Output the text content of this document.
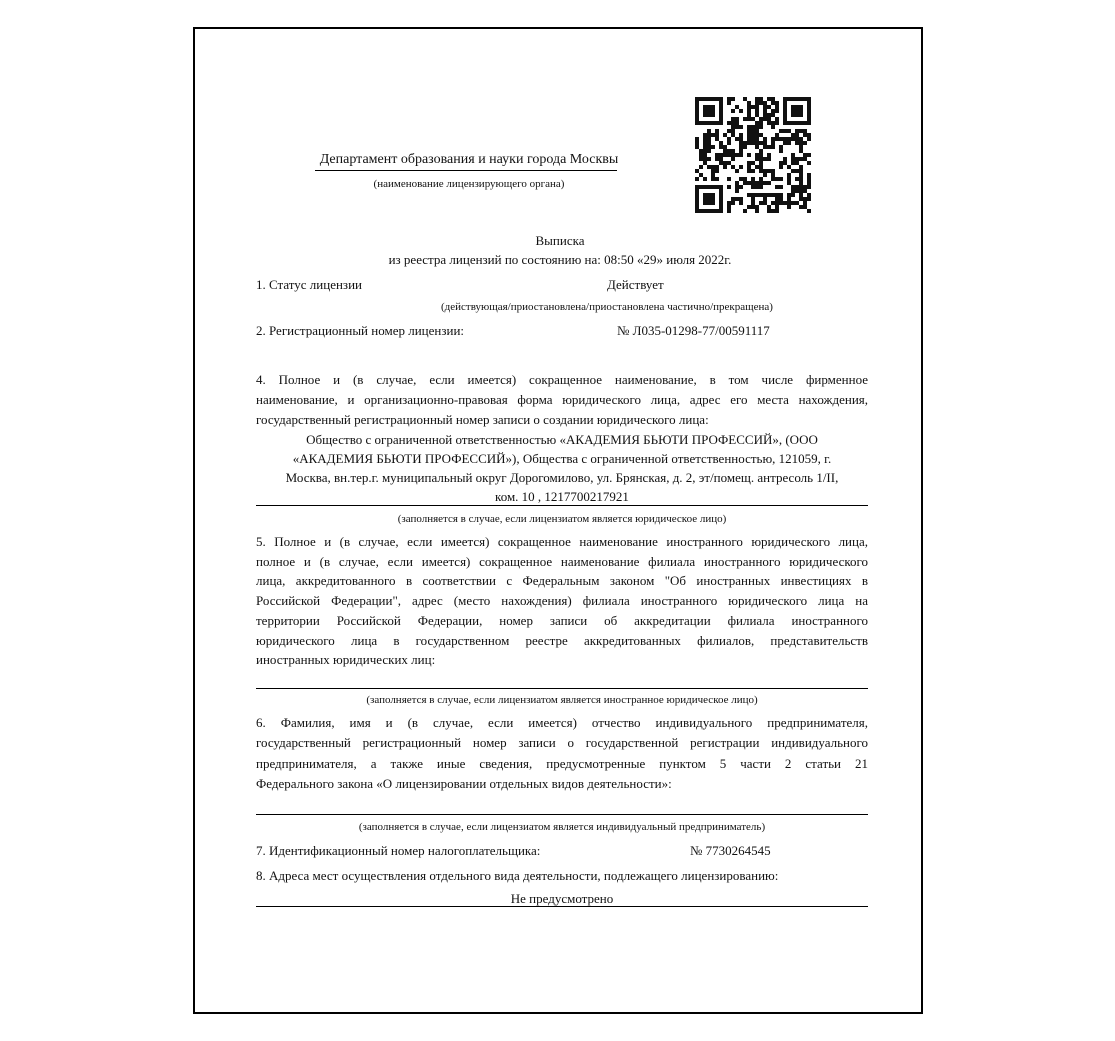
Департамент образования и науки города Москвы
(наименование лицензирующего органа)
Выписка
из реестра лицензий по состоянию на: 08:50 «29» июля 2022г.
1. Статус лицензии	Действует
(действующая/приостановлена/приостановлена частично/прекращена)
2. Регистрационный номер лицензии:	№ Л035-01298-77/00591117
4. Полное и (в случае, если имеется) сокращенное наименование, в том числе фирменное
наименование, и организационно-правовая форма юридического лица, адрес его места нахождения,
государственный регистрационный номер записи о создании юридического лица:
Общество с ограниченной ответственностью «АКАДЕМИЯ БЬЮТИ ПРОФЕССИЙ», (ООО
«АКАДЕМИЯ БЬЮТИ ПРОФЕССИЙ»), Общества с ограниченной ответственностью, 121059, г.
Москва, вн.тер.г. муниципальный округ Дорогомилово, ул. Брянская, д. 2, эт/помещ. антресоль 1/II,
ком. 10 , 1217700217921
(заполняется в случае, если лицензиатом является юридическое лицо)
5. Полное и (в случае, если имеется) сокращенное наименование иностранного юридического лица,
полное и (в случае, если имеется) сокращенное наименование филиала иностранного юридического
лица, аккредитованного в соответствии с Федеральным законом "Об иностранных инвестициях в
Российской Федерации", адрес (место нахождения) филиала иностранного юридического лица на
территории Российской Федерации, номер записи об аккредитации филиала иностранного
юридического лица в государственном реестре аккредитованных филиалов, представительств
иностранных юридических лиц:
(заполняется в случае, если лицензиатом является иностранное юридическое лицо)
6. Фамилия, имя и (в случае, если имеется) отчество индивидуального предпринимателя,
государственный регистрационный номер записи о государственной регистрации индивидуального
предпринимателя, а также иные сведения, предусмотренные пунктом 5 части 2 статьи 21
Федерального закона «О лицензировании отдельных видов деятельности»:
(заполняется в случае, если лицензиатом является индивидуальный предприниматель)
7. Идентификационный номер налогоплательщика:	№ 7730264545
8. Адреса мест осуществления отдельного вида деятельности, подлежащего лицензированию:
Не предусмотрено
